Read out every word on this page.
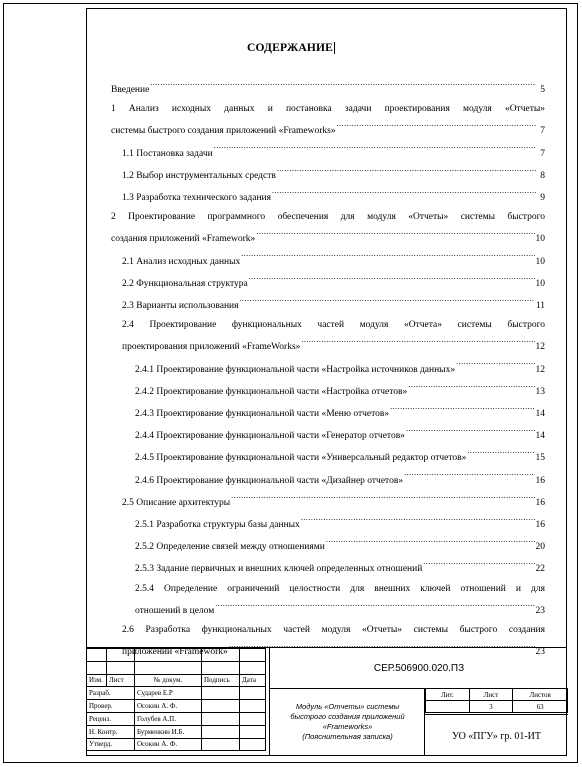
СОДЕРЖАНИЕ
Введение .....	5
1 Анализ исходных данных и постановка задачи проектирования модуля «Отчеты»
системы быстрого создания приложений «Frameworks» .....	7
1.1 Постановка задачи .....	7
1.2 Выбор инструментальных средств .....	8
1.3 Разработка технического задания .....	9
2 Проектирование программного обеспечения для модуля «Отчеты» системы быстрого
создания приложений «Framework» .....	10
2.1 Анализ исходных данных .....	10
2.2 Функциональная структура .....	10
2.3 Варианты использования .....	11
2.4 Проектирование функциональных частей модуля «Отчета» системы быстрого
проектирования приложений «FrameWorks» .....	12
2.4.1 Проектирование функциональной части «Настройка источников данных» .....	12
2.4.2 Проектирование функциональной части «Настройка отчетов» .....	13
2.4.3 Проектирование функциональной части «Меню отчетов» .....	14
2.4.4 Проектирование функциональной части «Генератор отчетов» .....	14
2.4.5 Проектирование функциональной части «Универсальный редактор отчетов» .....	15
2.4.6 Проектирование функциональной части «Дизайнер отчетов» .....	16
2.5 Описание архитектуры .....	16
2.5.1 Разработка структуры базы данных .....	16
2.5.2 Определение связей между отношениями .....	20
2.5.3 Задание первичных и внешних ключей определенных отношений .....	22
2.5.4 Определение ограничений целостности для внешних ключей отношений и для
отношений в целом .....	23
2.6 Разработка функциональных частей модуля «Отчеты» системы быстрого создания
приложений «Framework» .....	23

Изм.	Лист	№ докум.	Подпись	Дата
Разраб.		Сударев Е.Р		
Провер.		Осокин А. Ф.		
Реценз.		Голубев А.П.		
Н. Контр.		Бурменкин И.Б.		
Утверд.		Осокин А. Ф.		
СЕР.506900.020.ПЗ
Модуль «Отчеты» системы
быстрого создания приложений
«Frameworks»
(Пояснительная записка)
Лит.	Лист	Листов
	3	63
УО «ПГУ» гр. 01-ИТ
